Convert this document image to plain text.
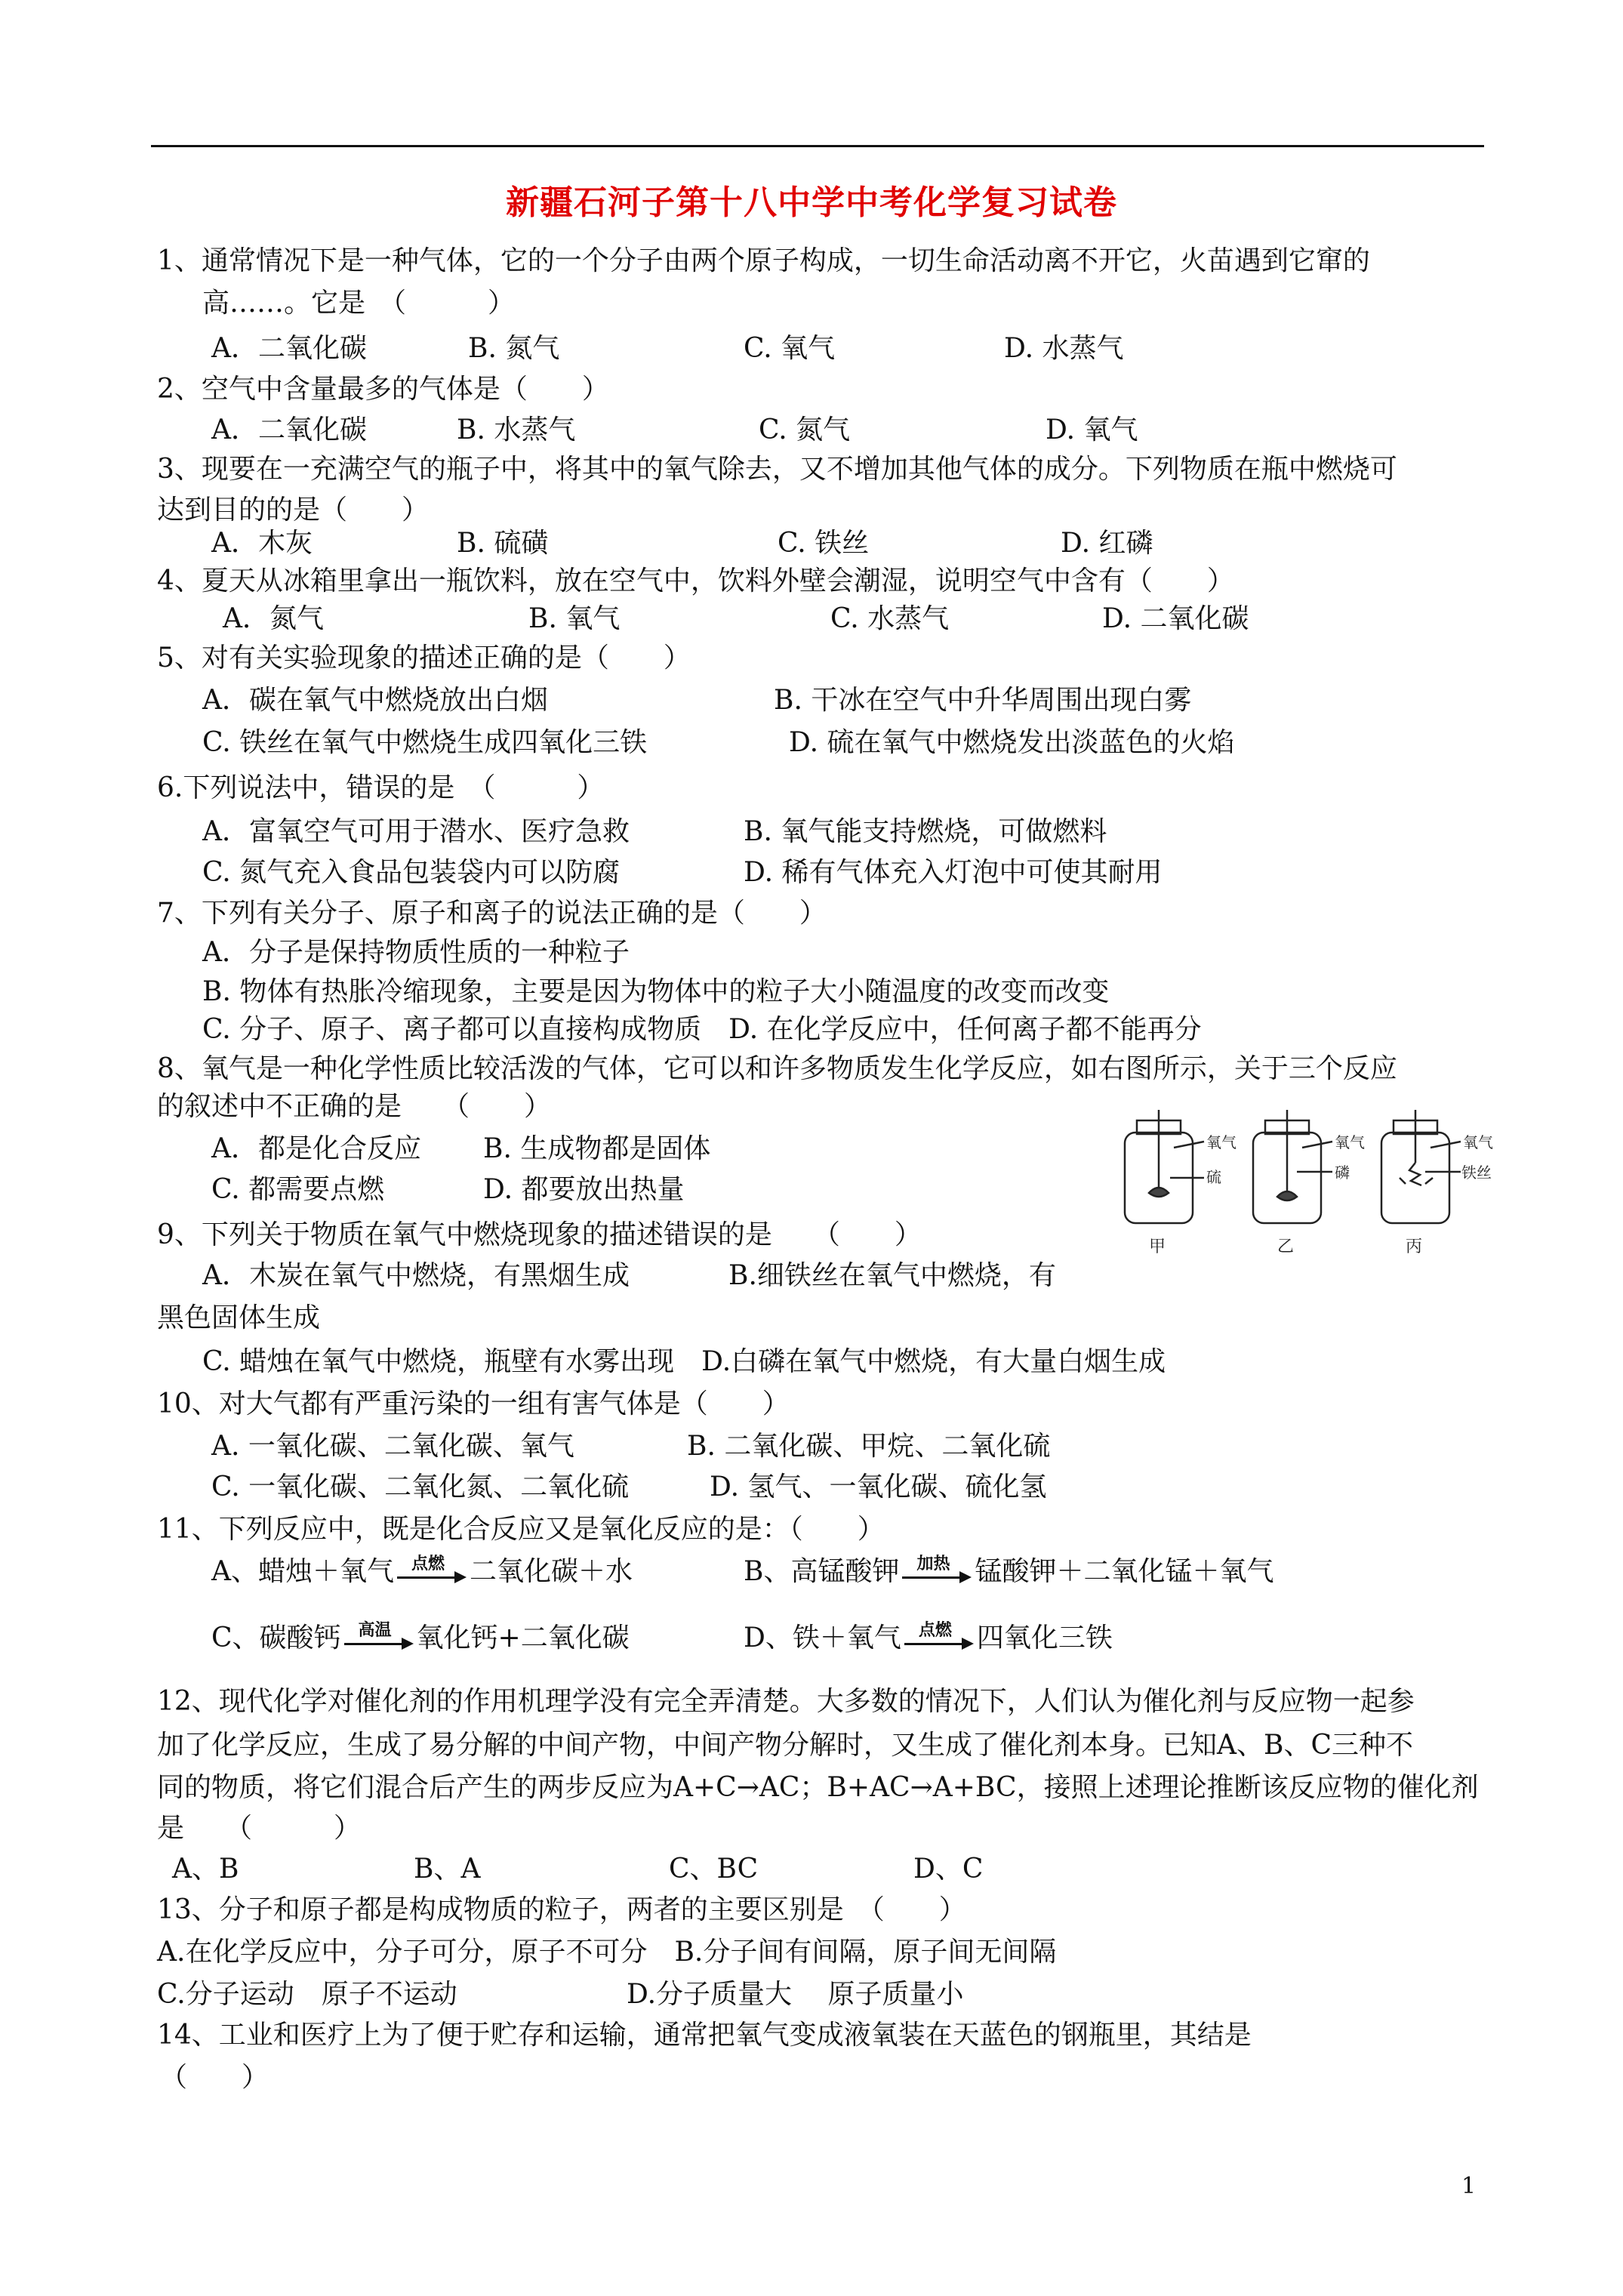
新疆石河子第十八中学中考化学复习试卷
1、通常情况下是一种气体，它的一个分子由两个原子构成，一切生命活动离不开它，火苗遇到它窜的
高……。它是　（　　　）
A．二氧化碳	B. 氮气	C. 氧气	D. 水蒸气
2、空气中含量最多的气体是（　　）
A．二氧化碳	B. 水蒸气	C. 氮气	D. 氧气
3、现要在一充满空气的瓶子中，将其中的氧气除去，又不增加其他气体的成分。下列物质在瓶中燃烧可
达到目的的是（　　）
A．木灰	B. 硫磺	C. 铁丝	D. 红磷
4、夏天从冰箱里拿出一瓶饮料，放在空气中，饮料外壁会潮湿，说明空气中含有（　　）
A．氮气	B. 氧气	C. 水蒸气	D. 二氧化碳
5、对有关实验现象的描述正确的是（　　）
A．碳在氧气中燃烧放出白烟	B. 干冰在空气中升华周围出现白雾
C. 铁丝在氧气中燃烧生成四氧化三铁	D. 硫在氧气中燃烧发出淡蓝色的火焰
6.下列说法中，错误的是　（　　　）
A．富氧空气可用于潜水、医疗急救	B. 氧气能支持燃烧，可做燃料
C. 氮气充入食品包装袋内可以防腐	D. 稀有气体充入灯泡中可使其耐用
7、下列有关分子、原子和离子的说法正确的是（　　）
A．分子是保持物质性质的一种粒子
B. 物体有热胀冷缩现象，主要是因为物体中的粒子大小随温度的改变而改变
C. 分子、原子、离子都可以直接构成物质　D. 在化学反应中，任何离子都不能再分
8、氧气是一种化学性质比较活泼的气体，它可以和许多物质发生化学反应，如右图所示，关于三个反应
的叙述中不正确的是　　（　　）
A．都是化合反应 B. 生成物都是固体
C. 都需要点燃	D. 都要放出热量
9、下列关于物质在氧气中燃烧现象的描述错误的是　　（　　）
A．木炭在氧气中燃烧，有黑烟生成	B.细铁丝在氧气中燃烧，有
黑色固体生成
C. 蜡烛在氧气中燃烧，瓶壁有水雾出现　D.白磷在氧气中燃烧，有大量白烟生成
10、对大气都有严重污染的一组有害气体是（　　）
A. 一氧化碳、二氧化碳、氧气	B. 二氧化碳、甲烷、二氧化硫
C. 一氧化碳、二氧化氮、二氧化硫	D. 氢气、一氧化碳、硫化氢
11、下列反应中，既是化合反应又是氧化反应的是：（　　）
12、现代化学对催化剂的作用机理学没有完全弄清楚。大多数的情况下，人们认为催化剂与反应物一起参
加了化学反应，生成了易分解的中间产物，中间产物分解时，又生成了催化剂本身。已知A、B、C三种不
同的物质，将它们混合后产生的两步反应为A+C→AC；B+AC→A+BC，接照上述理论推断该反应物的催化剂
是　　（　　　）
A、B	B、A	C、BC	D、C
13、分子和原子都是构成物质的粒子，两者的主要区别是　（　　）
A.在化学反应中，分子可分，原子不可分　B.分子间有间隔，原子间无间隔
C.分子运动　原子不运动	D.分子质量大　 原子质量小
14、工业和医疗上为了便于贮存和运输，通常把氧气变成液氧装在天蓝色的钢瓶里，其结是
（　　）
A、蜡烛＋氧气	点燃 二氧化碳＋水	B、高锰酸钾	加热 锰酸钾＋二氧化锰＋氧气
C、碳酸钙	高温 氧化钙+二氧化碳	D、铁＋氧气	点燃 四氧化三铁
氧气
硫
氧气
磷
氧气
铁丝
甲	乙	丙
1
